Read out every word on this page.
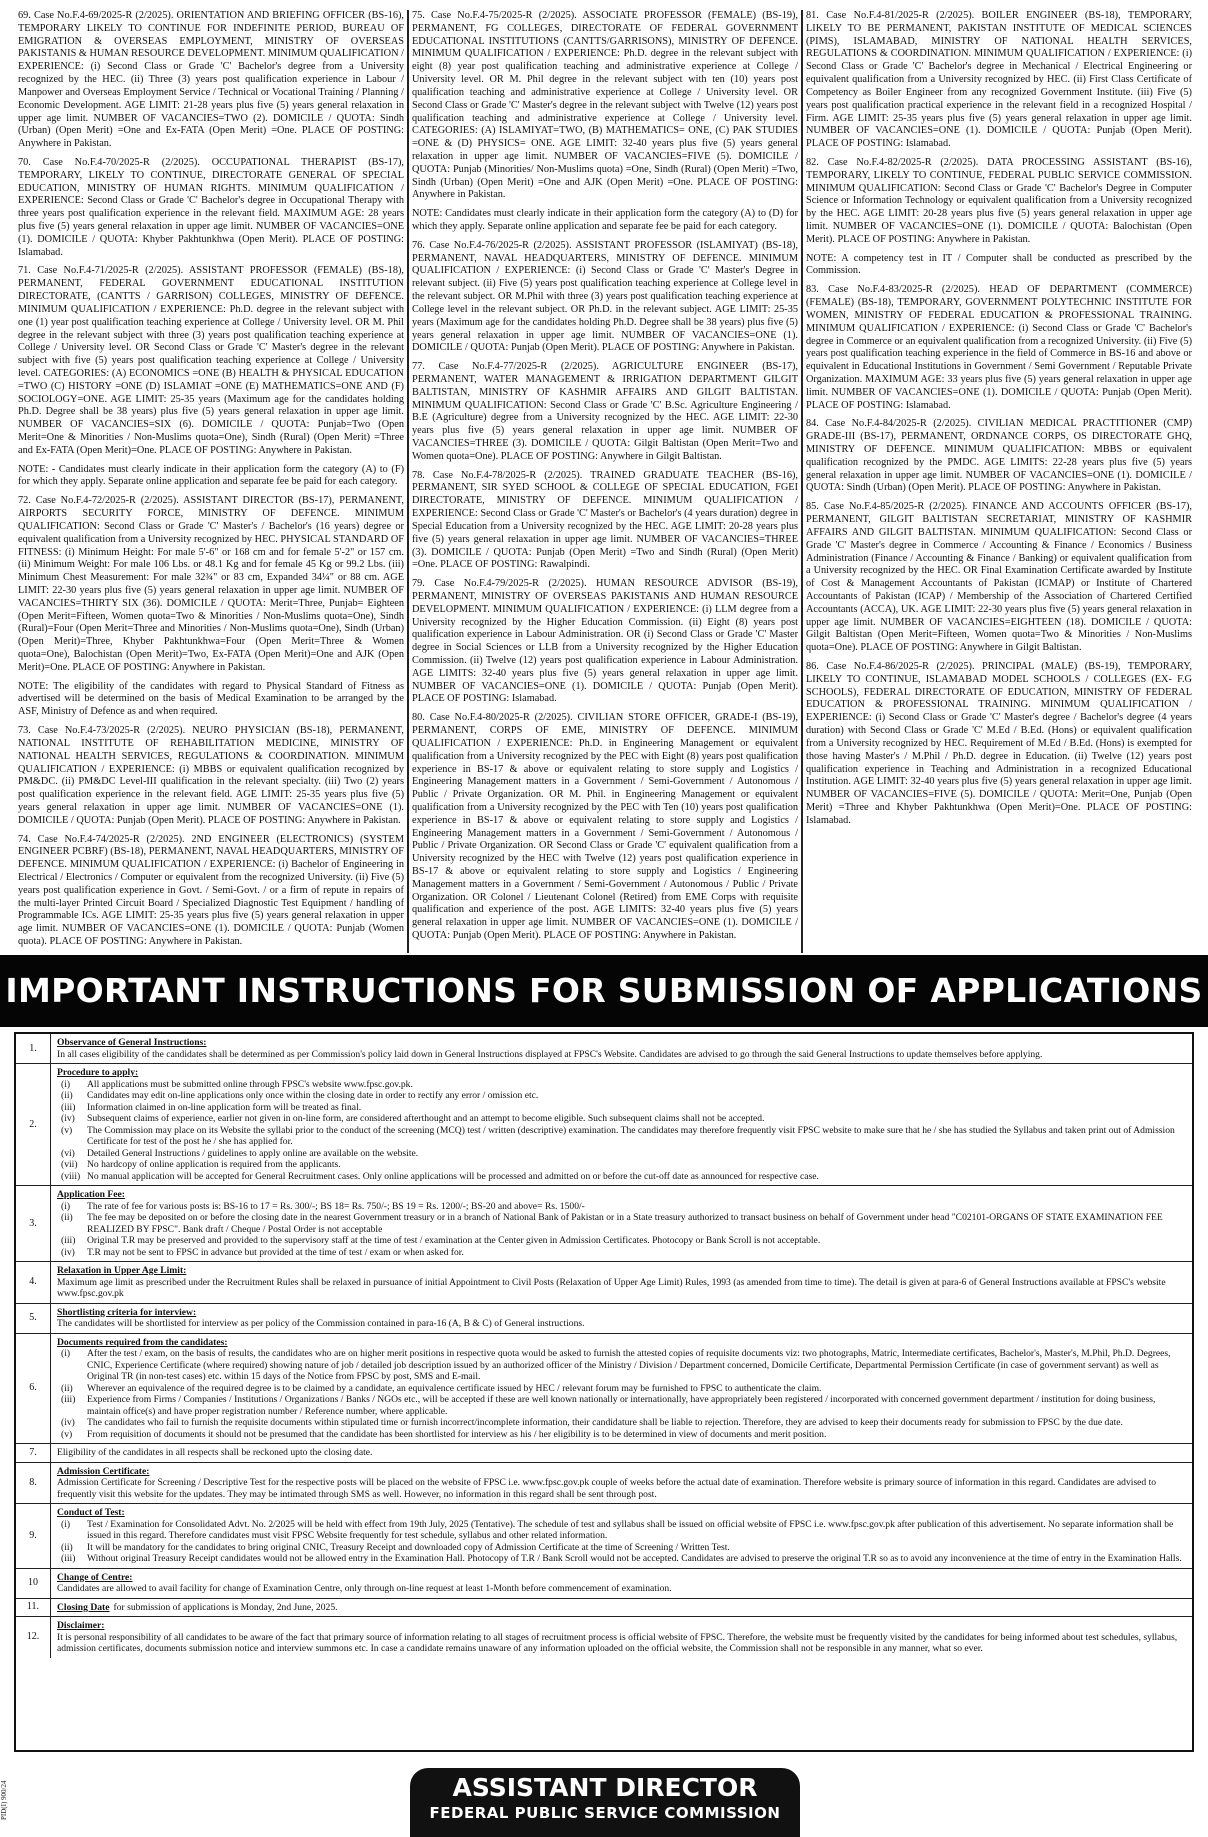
69. Case No.F.4-69/2025-R (2/2025). ORIENTATION AND BRIEFING OFFICER (BS-16), TEMPORARY LIKELY TO CONTINUE FOR INDEFINITE PERIOD, BUREAU OF EMIGRATION & OVERSEAS EMPLOYMENT, MINISTRY OF OVERSEAS PAKISTANIS & HUMAN RESOURCE DEVELOPMENT. MINIMUM QUALIFICATION / EXPERIENCE: (i) Second Class or Grade 'C' Bachelor's degree from a University recognized by the HEC. (ii) Three (3) years post qualification experience in Labour / Manpower and Overseas Employment Service / Technical or Vocational Training / Planning / Economic Development. AGE LIMIT: 21-28 years plus five (5) years general relaxation in upper age limit. NUMBER OF VACANCIES=TWO (2). DOMICILE / QUOTA: Sindh (Urban) (Open Merit) =One and Ex-FATA (Open Merit) =One. PLACE OF POSTING: Anywhere in Pakistan.

70. Case No.F.4-70/2025-R (2/2025). OCCUPATIONAL THERAPIST (BS-17), TEMPORARY, LIKELY TO CONTINUE, DIRECTORATE GENERAL OF SPECIAL EDUCATION, MINISTRY OF HUMAN RIGHTS. MINIMUM QUALIFICATION / EXPERIENCE: Second Class or Grade 'C' Bachelor's degree in Occupational Therapy with three years post qualification experience in the relevant field. MAXIMUM AGE: 28 years plus five (5) years general relaxation in upper age limit. NUMBER OF VACANCIES=ONE (1). DOMICILE / QUOTA: Khyber Pakhtunkhwa (Open Merit). PLACE OF POSTING: Islamabad.

71. Case No.F.4-71/2025-R (2/2025). ASSISTANT PROFESSOR (FEMALE) (BS-18), PERMANENT, FEDERAL GOVERNMENT EDUCATIONAL INSTITUTION DIRECTORATE, (CANTTS / GARRISON) COLLEGES, MINISTRY OF DEFENCE. MINIMUM QUALIFICATION / EXPERIENCE: Ph.D. degree in the relevant subject with one (1) year post qualification teaching experience at College / University level. OR M. Phil degree in the relevant subject with three (3) years post qualification teaching experience at College / University level. OR Second Class or Grade 'C' Master's degree in the relevant subject with five (5) years post qualification teaching experience at College / University level. CATEGORIES: (A) ECONOMICS =ONE (B) HEALTH & PHYSICAL EDUCATION =TWO (C) HISTORY =ONE (D) ISLAMIAT =ONE (E) MATHEMATICS=ONE AND (F) SOCIOLOGY=ONE. AGE LIMIT: 25-35 years (Maximum age for the candidates holding Ph.D. Degree shall be 38 years) plus five (5) years general relaxation in upper age limit. NUMBER OF VACANCIES=SIX (6). DOMICILE / QUOTA: Punjab=Two (Open Merit=One & Minorities / Non-Muslims quota=One), Sindh (Rural) (Open Merit) =Three and Ex-FATA (Open Merit)=One. PLACE OF POSTING: Anywhere in Pakistan.

NOTE: - Candidates must clearly indicate in their application form the category (A) to (F) for which they apply. Separate online application and separate fee be paid for each category.

72. Case No.F.4-72/2025-R (2/2025). ASSISTANT DIRECTOR (BS-17), PERMANENT, AIRPORTS SECURITY FORCE, MINISTRY OF DEFENCE. MINIMUM QUALIFICATION: Second Class or Grade 'C' Master's / Bachelor's (16 years) degree or equivalent qualification from a University recognized by HEC. PHYSICAL STANDARD OF FITNESS: (i) Minimum Height: For male 5'-6" or 168 cm and for female 5'-2" or 157 cm. (ii) Minimum Weight: For male 106 Lbs. or 48.1 Kg and for female 45 Kg or 99.2 Lbs. (iii) Minimum Chest Measurement: For male 32¾" or 83 cm, Expanded 34¼" or 88 cm. AGE LIMIT: 22-30 years plus five (5) years general relaxation in upper age limit. NUMBER OF VACANCIES=THIRTY SIX (36). DOMICILE / QUOTA: Merit=Three, Punjab= Eighteen (Open Merit=Fifteen, Women quota=Two & Minorities / Non-Muslims quota=One), Sindh (Rural)=Four (Open Merit=Three and Minorities / Non-Muslims quota=One), Sindh (Urban) (Open Merit)=Three, Khyber Pakhtunkhwa=Four (Open Merit=Three & Women quota=One), Balochistan (Open Merit)=Two, Ex-FATA (Open Merit)=One and AJK (Open Merit)=One. PLACE OF POSTING: Anywhere in Pakistan.

NOTE: The eligibility of the candidates with regard to Physical Standard of Fitness as advertised will be determined on the basis of Medical Examination to be arranged by the ASF, Ministry of Defence as and when required.

73. Case No.F.4-73/2025-R (2/2025). NEURO PHYSICIAN (BS-18), PERMANENT, NATIONAL INSTITUTE OF REHABILITATION MEDICINE, MINISTRY OF NATIONAL HEALTH SERVICES, REGULATIONS & COORDINATION. MINIMUM QUALIFICATION / EXPERIENCE: (i) MBBS or equivalent qualification recognized by PM&DC. (ii) PM&DC Level-III qualification in the relevant specialty. (iii) Two (2) years post qualification experience in the relevant field. AGE LIMIT: 25-35 years plus five (5) years general relaxation in upper age limit. NUMBER OF VACANCIES=ONE (1). DOMICILE / QUOTA: Punjab (Open Merit). PLACE OF POSTING: Anywhere in Pakistan.

74. Case No.F.4-74/2025-R (2/2025). 2ND ENGINEER (ELECTRONICS) (SYSTEM ENGINEER PCBRF) (BS-18), PERMANENT, NAVAL HEADQUARTERS, MINISTRY OF DEFENCE. MINIMUM QUALIFICATION / EXPERIENCE: (i) Bachelor of Engineering in Electrical / Electronics / Computer or equivalent from the recognized University. (ii) Five (5) years post qualification experience in Govt. / Semi-Govt. / or a firm of repute in repairs of the multi-layer Printed Circuit Board / Specialized Diagnostic Test Equipment / handling of Programmable ICs. AGE LIMIT: 25-35 years plus five (5) years general relaxation in upper age limit. NUMBER OF VACANCIES=ONE (1). DOMICILE / QUOTA: Punjab (Women quota). PLACE OF POSTING: Anywhere in Pakistan.

75. Case No.F.4-75/2025-R (2/2025). ASSOCIATE PROFESSOR (FEMALE) (BS-19), PERMANENT, FG COLLEGES, DIRECTORATE OF FEDERAL GOVERNMENT EDUCATIONAL INSTITUTIONS (CANTTS/GARRISONS), MINISTRY OF DEFENCE. MINIMUM QUALIFICATION / EXPERIENCE: Ph.D. degree in the relevant subject with eight (8) year post qualification teaching and administrative experience at College / University level. OR M. Phil degree in the relevant subject with ten (10) years post qualification teaching and administrative experience at College / University level. OR Second Class or Grade 'C' Master's degree in the relevant subject with Twelve (12) years post qualification teaching and administrative experience at College / University level. CATEGORIES: (A) ISLAMIYAT=TWO, (B) MATHEMATICS= ONE, (C) PAK STUDIES =ONE & (D) PHYSICS= ONE. AGE LIMIT: 32-40 years plus five (5) years general relaxation in upper age limit. NUMBER OF VACANCIES=FIVE (5). DOMICILE / QUOTA: Punjab (Minorities/ Non-Muslims quota) =One, Sindh (Rural) (Open Merit) =Two, Sindh (Urban) (Open Merit) =One and AJK (Open Merit) =One. PLACE OF POSTING: Anywhere in Pakistan.

NOTE: Candidates must clearly indicate in their application form the category (A) to (D) for which they apply. Separate online application and separate fee be paid for each category.

76. Case No.F.4-76/2025-R (2/2025). ASSISTANT PROFESSOR (ISLAMIYAT) (BS-18), PERMANENT, NAVAL HEADQUARTERS, MINISTRY OF DEFENCE. MINIMUM QUALIFICATION / EXPERIENCE: (i) Second Class or Grade 'C' Master's Degree in relevant subject. (ii) Five (5) years post qualification teaching experience at College level in the relevant subject. OR M.Phil with three (3) years post qualification teaching experience at College level in the relevant subject. OR Ph.D. in the relevant subject. AGE LIMIT: 25-35 years (Maximum age for the candidates holding Ph.D. Degree shall be 38 years) plus five (5) years general relaxation in upper age limit. NUMBER OF VACANCIES=ONE (1). DOMICILE / QUOTA: Punjab (Open Merit). PLACE OF POSTING: Anywhere in Pakistan.

77. Case No.F.4-77/2025-R (2/2025). AGRICULTURE ENGINEER (BS-17), PERMANENT, WATER MANAGEMENT & IRRIGATION DEPARTMENT GILGIT BALTISTAN, MINISTRY OF KASHMIR AFFAIRS AND GILGIT BALTISTAN. MINIMUM QUALIFICATION: Second Class or Grade 'C' B.Sc. Agriculture Engineering / B.E (Agriculture) degree from a University recognized by the HEC. AGE LIMIT: 22-30 years plus five (5) years general relaxation in upper age limit. NUMBER OF VACANCIES=THREE (3). DOMICILE / QUOTA: Gilgit Baltistan (Open Merit=Two and Women quota=One). PLACE OF POSTING: Anywhere in Gilgit Baltistan.

78. Case No.F.4-78/2025-R (2/2025). TRAINED GRADUATE TEACHER (BS-16), PERMANENT, SIR SYED SCHOOL & COLLEGE OF SPECIAL EDUCATION, FGEI DIRECTORATE, MINISTRY OF DEFENCE. MINIMUM QUALIFICATION / EXPERIENCE: Second Class or Grade 'C' Master's or Bachelor's (4 years duration) degree in Special Education from a University recognized by the HEC. AGE LIMIT: 20-28 years plus five (5) years general relaxation in upper age limit. NUMBER OF VACANCIES=THREE (3). DOMICILE / QUOTA: Punjab (Open Merit) =Two and Sindh (Rural) (Open Merit) =One. PLACE OF POSTING: Rawalpindi.

79. Case No.F.4-79/2025-R (2/2025). HUMAN RESOURCE ADVISOR (BS-19), PERMANENT, MINISTRY OF OVERSEAS PAKISTANIS AND HUMAN RESOURCE DEVELOPMENT. MINIMUM QUALIFICATION / EXPERIENCE: (i) LLM degree from a University recognized by the Higher Education Commission. (ii) Eight (8) years post qualification experience in Labour Administration. OR (i) Second Class or Grade 'C' Master degree in Social Sciences or LLB from a University recognized by the Higher Education Commission. (ii) Twelve (12) years post qualification experience in Labour Administration. AGE LIMITS: 32-40 years plus five (5) years general relaxation in upper age limit. NUMBER OF VACANCIES=ONE (1). DOMICILE / QUOTA: Punjab (Open Merit). PLACE OF POSTING: Islamabad.

80. Case No.F.4-80/2025-R (2/2025). CIVILIAN STORE OFFICER, GRADE-I (BS-19), PERMANENT, CORPS OF EME, MINISTRY OF DEFENCE. MINIMUM QUALIFICATION / EXPERIENCE: Ph.D. in Engineering Management or equivalent qualification from a University recognized by the PEC with Eight (8) years post qualification experience in BS-17 & above or equivalent relating to store supply and Logistics / Engineering Management matters in a Government / Semi-Government / Autonomous / Public / Private Organization. OR M. Phil. in Engineering Management or equivalent qualification from a University recognized by the PEC with Ten (10) years post qualification experience in BS-17 & above or equivalent relating to store supply and Logistics / Engineering Management matters in a Government / Semi-Government / Autonomous / Public / Private Organization. OR Second Class or Grade 'C' equivalent qualification from a University recognized by the HEC with Twelve (12) years post qualification experience in BS-17 & above or equivalent relating to store supply and Logistics / Engineering Management matters in a Government / Semi-Government / Autonomous / Public / Private Organization. OR Colonel / Lieutenant Colonel (Retired) from EME Corps with requisite qualification and experience of the post. AGE LIMITS: 32-40 years plus five (5) years general relaxation in upper age limit. NUMBER OF VACANCIES=ONE (1). DOMICILE / QUOTA: Punjab (Open Merit). PLACE OF POSTING: Anywhere in Pakistan.

81. Case No.F.4-81/2025-R (2/2025). BOILER ENGINEER (BS-18), TEMPORARY, LIKELY TO BE PERMANENT, PAKISTAN INSTITUTE OF MEDICAL SCIENCES (PIMS), ISLAMABAD, MINISTRY OF NATIONAL HEALTH SERVICES, REGULATIONS & COORDINATION. MINIMUM QUALIFICATION / EXPERIENCE: (i) Second Class or Grade 'C' Bachelor's degree in Mechanical / Electrical Engineering or equivalent qualification from a University recognized by HEC. (ii) First Class Certificate of Competency as Boiler Engineer from any recognized Government Institute. (iii) Five (5) years post qualification practical experience in the relevant field in a recognized Hospital / Firm. AGE LIMIT: 25-35 years plus five (5) years general relaxation in upper age limit. NUMBER OF VACANCIES=ONE (1). DOMICILE / QUOTA: Punjab (Open Merit). PLACE OF POSTING: Islamabad.

82. Case No.F.4-82/2025-R (2/2025). DATA PROCESSING ASSISTANT (BS-16), TEMPORARY, LIKELY TO CONTINUE, FEDERAL PUBLIC SERVICE COMMISSION. MINIMUM QUALIFICATION: Second Class or Grade 'C' Bachelor's Degree in Computer Science or Information Technology or equivalent qualification from a University recognized by the HEC. AGE LIMIT: 20-28 years plus five (5) years general relaxation in upper age limit. NUMBER OF VACANCIES=ONE (1). DOMICILE / QUOTA: Balochistan (Open Merit). PLACE OF POSTING: Anywhere in Pakistan.

NOTE: A competency test in IT / Computer shall be conducted as prescribed by the Commission.

83. Case No.F.4-83/2025-R (2/2025). HEAD OF DEPARTMENT (COMMERCE) (FEMALE) (BS-18), TEMPORARY, GOVERNMENT POLYTECHNIC INSTITUTE FOR WOMEN, MINISTRY OF FEDERAL EDUCATION & PROFESSIONAL TRAINING. MINIMUM QUALIFICATION / EXPERIENCE: (i) Second Class or Grade 'C' Bachelor's degree in Commerce or an equivalent qualification from a recognized University. (ii) Five (5) years post qualification teaching experience in the field of Commerce in BS-16 and above or equivalent in Educational Institutions in Government / Semi Government / Reputable Private Organization. MAXIMUM AGE: 33 years plus five (5) years general relaxation in upper age limit. NUMBER OF VACANCIES=ONE (1). DOMICILE / QUOTA: Punjab (Open Merit). PLACE OF POSTING: Islamabad.

84. Case No.F.4-84/2025-R (2/2025). CIVILIAN MEDICAL PRACTITIONER (CMP) GRADE-III (BS-17), PERMANENT, ORDNANCE CORPS, OS DIRECTORATE GHQ, MINISTRY OF DEFENCE. MINIMUM QUALIFICATION: MBBS or equivalent qualification recognized by the PMDC. AGE LIMITS: 22-28 years plus five (5) years general relaxation in upper age limit. NUMBER OF VACANCIES=ONE (1). DOMICILE / QUOTA: Sindh (Urban) (Open Merit). PLACE OF POSTING: Anywhere in Pakistan.

85. Case No.F.4-85/2025-R (2/2025). FINANCE AND ACCOUNTS OFFICER (BS-17), PERMANENT, GILGIT BALTISTAN SECRETARIAT, MINISTRY OF KASHMIR AFFAIRS AND GILGIT BALTISTAN. MINIMUM QUALIFICATION: Second Class or Grade 'C' Master's degree in Commerce / Accounting & Finance / Economics / Business Administration (Finance / Accounting & Finance / Banking) or equivalent qualification from a University recognized by the HEC. OR Final Examination Certificate awarded by Institute of Cost & Management Accountants of Pakistan (ICMAP) or Institute of Chartered Accountants of Pakistan (ICAP) / Membership of the Association of Chartered Certified Accountants (ACCA), UK. AGE LIMIT: 22-30 years plus five (5) years general relaxation in upper age limit. NUMBER OF VACANCIES=EIGHTEEN (18). DOMICILE / QUOTA: Gilgit Baltistan (Open Merit=Fifteen, Women quota=Two & Minorities / Non-Muslims quota=One). PLACE OF POSTING: Anywhere in Gilgit Baltistan.

86. Case No.F.4-86/2025-R (2/2025). PRINCIPAL (MALE) (BS-19), TEMPORARY, LIKELY TO CONTINUE, ISLAMABAD MODEL SCHOOLS / COLLEGES (EX- F.G SCHOOLS), FEDERAL DIRECTORATE OF EDUCATION, MINISTRY OF FEDERAL EDUCATION & PROFESSIONAL TRAINING. MINIMUM QUALIFICATION / EXPERIENCE: (i) Second Class or Grade 'C' Master's degree / Bachelor's degree (4 years duration) with Second Class or Grade 'C' M.Ed / B.Ed. (Hons) or equivalent qualification from a University recognized by HEC. Requirement of M.Ed / B.Ed. (Hons) is exempted for those having Master's / M.Phil / Ph.D. degree in Education. (ii) Twelve (12) years post qualification experience in Teaching and Administration in a recognized Educational Institution. AGE LIMIT: 32-40 years plus five (5) years general relaxation in upper age limit. NUMBER OF VACANCIES=FIVE (5). DOMICILE / QUOTA: Merit=One, Punjab (Open Merit) =Three and Khyber Pakhtunkhwa (Open Merit)=One. PLACE OF POSTING: Islamabad.

IMPORTANT INSTRUCTIONS FOR SUBMISSION OF APPLICATIONS
1.	Observance of General Instructions:
In all cases eligibility of the candidates shall be determined as per Commission's policy laid down in General Instructions displayed at FPSC's Website. Candidates are advised to go through the said General Instructions to update themselves before applying.
2.
Procedure to apply:
(i)	All applications must be submitted online through FPSC's website www.fpsc.gov.pk.
(ii)	Candidates may edit on-line applications only once within the closing date in order to rectify any error / omission etc.
(iii)	Information claimed in on-line application form will be treated as final.
(iv)	Subsequent claims of experience, earlier not given in on-line form, are considered afterthought and an attempt to become eligible. Such subsequent claims shall not be accepted.
(v)	The Commission may place on its Website the syllabi prior to the conduct of the screening (MCQ) test / written (descriptive) examination. The candidates may therefore frequently visit FPSC website to make sure that he / she has studied the Syllabus and taken print out of Admission Certificate for test of the post he / she has applied for.
(vi)	Detailed General Instructions / guidelines to apply online are available on the website.
(vii) No hardcopy of online application is required from the applicants.
(viii) No manual application will be accepted for General Recruitment cases. Only online applications will be processed and admitted on or before the cut-off date as announced for respective case.
3.
Application Fee:
(i)	The rate of fee for various posts is: BS-16 to 17 = Rs. 300/-; BS 18= Rs. 750/-; BS 19 = Rs. 1200/-; BS-20 and above= Rs. 1500/-
(ii)	The fee may be deposited on or before the closing date in the nearest Government treasury or in a branch of National Bank of Pakistan or in a State treasury authorized to transact business on behalf of Government under head "C02101-ORGANS OF STATE EXAMINATION FEE REALIZED BY FPSC". Bank draft / Cheque / Postal Order is not acceptable
(iii)	Original T.R may be preserved and provided to the supervisory staff at the time of test / examination at the Center given in Admission Certificates. Photocopy or Bank Scroll is not acceptable.
(iv)	T.R may not be sent to FPSC in advance but provided at the time of test / exam or when asked for.
4.
Relaxation in Upper Age Limit:
Maximum age limit as prescribed under the Recruitment Rules shall be relaxed in pursuance of initial Appointment to Civil Posts (Relaxation of Upper Age Limit) Rules, 1993 (as amended from time to time). The detail is given at para-6 of General Instructions available at FPSC's website www.fpsc.gov.pk
5.	Shortlisting criteria for interview:
The candidates will be shortlisted for interview as per policy of the Commission contained in para-16 (A, B & C) of General instructions.
6.
Documents required from the candidates:
(i)	After the test / exam, on the basis of results, the candidates who are on higher merit positions in respective quota would be asked to furnish the attested copies of requisite documents viz: two photographs, Matric, Intermediate certificates, Bachelor's, Master's, M.Phil, Ph.D. Degrees, CNIC, Experience Certificate (where required) showing nature of job / detailed job description issued by an authorized officer of the Ministry / Division / Department concerned, Domicile Certificate, Departmental Permission Certificate (in case of government servant) as well as Original TR (in non-test cases) etc. within 15 days of the Notice from FPSC by post, SMS and E-mail.
(ii)	Wherever an equivalence of the required degree is to be claimed by a candidate, an equivalence certificate issued by HEC / relevant forum may be furnished to FPSC to authenticate the claim.
(iii)	Experience from Firms / Companies / Institutions / Organizations / Banks / NGOs etc., will be accepted if these are well known nationally or internationally, have appropriately been registered / incorporated with concerned government department / institution for doing business, maintain office(s) and have proper registration number / Reference number, where applicable.
(iv)	The candidates who fail to furnish the requisite documents within stipulated time or furnish incorrect/incomplete information, their candidature shall be liable to rejection. Therefore, they are advised to keep their documents ready for submission to FPSC by the due date.
(v)	From requisition of documents it should not be presumed that the candidate has been shortlisted for interview as his / her eligibility is to be determined in view of documents and merit position.
7.	Eligibility of the candidates in all respects shall be reckoned upto the closing date.
8.
Admission Certificate:
Admission Certificate for Screening / Descriptive Test for the respective posts will be placed on the website of FPSC i.e. www.fpsc.gov.pk couple of weeks before the actual date of examination. Therefore website is primary source of information in this regard. Candidates are advised to frequently visit this website for the updates. They may be intimated through SMS as well. However, no information in this regard shall be sent through post.
9.
Conduct of Test:
(i)	Test / Examination for Consolidated Advt. No. 2/2025 will be held with effect from 19th July, 2025 (Tentative). The schedule of test and syllabus shall be issued on official website of FPSC i.e. www.fpsc.gov.pk after publication of this advertisement. No separate information shall be issued in this regard. Therefore candidates must visit FPSC Website frequently for test schedule, syllabus and other related information.
(ii)	It will be mandatory for the candidates to bring original CNIC, Treasury Receipt and downloaded copy of Admission Certificate at the time of Screening / Written Test.
(iii)	Without original Treasury Receipt candidates would not be allowed entry in the Examination Hall. Photocopy of T.R / Bank Scroll would not be accepted. Candidates are advised to preserve the original T.R so as to avoid any inconvenience at the time of entry in the Examination Halls.
10	Change of Centre:
Candidates are allowed to avail facility for change of Examination Centre, only through on-line request at least 1-Month before commencement of examination.
11.	Closing Date for submission of applications is Monday, 2nd June, 2025.
12.
Disclaimer:
It is personal responsibility of all candidates to be aware of the fact that primary source of information relating to all stages of recruitment process is official website of FPSC. Therefore, the website must be frequently visited by the candidates for being informed about test schedules, syllabus, admission certificates, documents submission notice and interview summons etc. In case a candidate remains unaware of any information uploaded on the official website, the Commission shall not be responsible in any manner, what so ever.
PID(I) 900/24	ASSISTANT DIRECTOR
FEDERAL PUBLIC SERVICE COMMISSION
